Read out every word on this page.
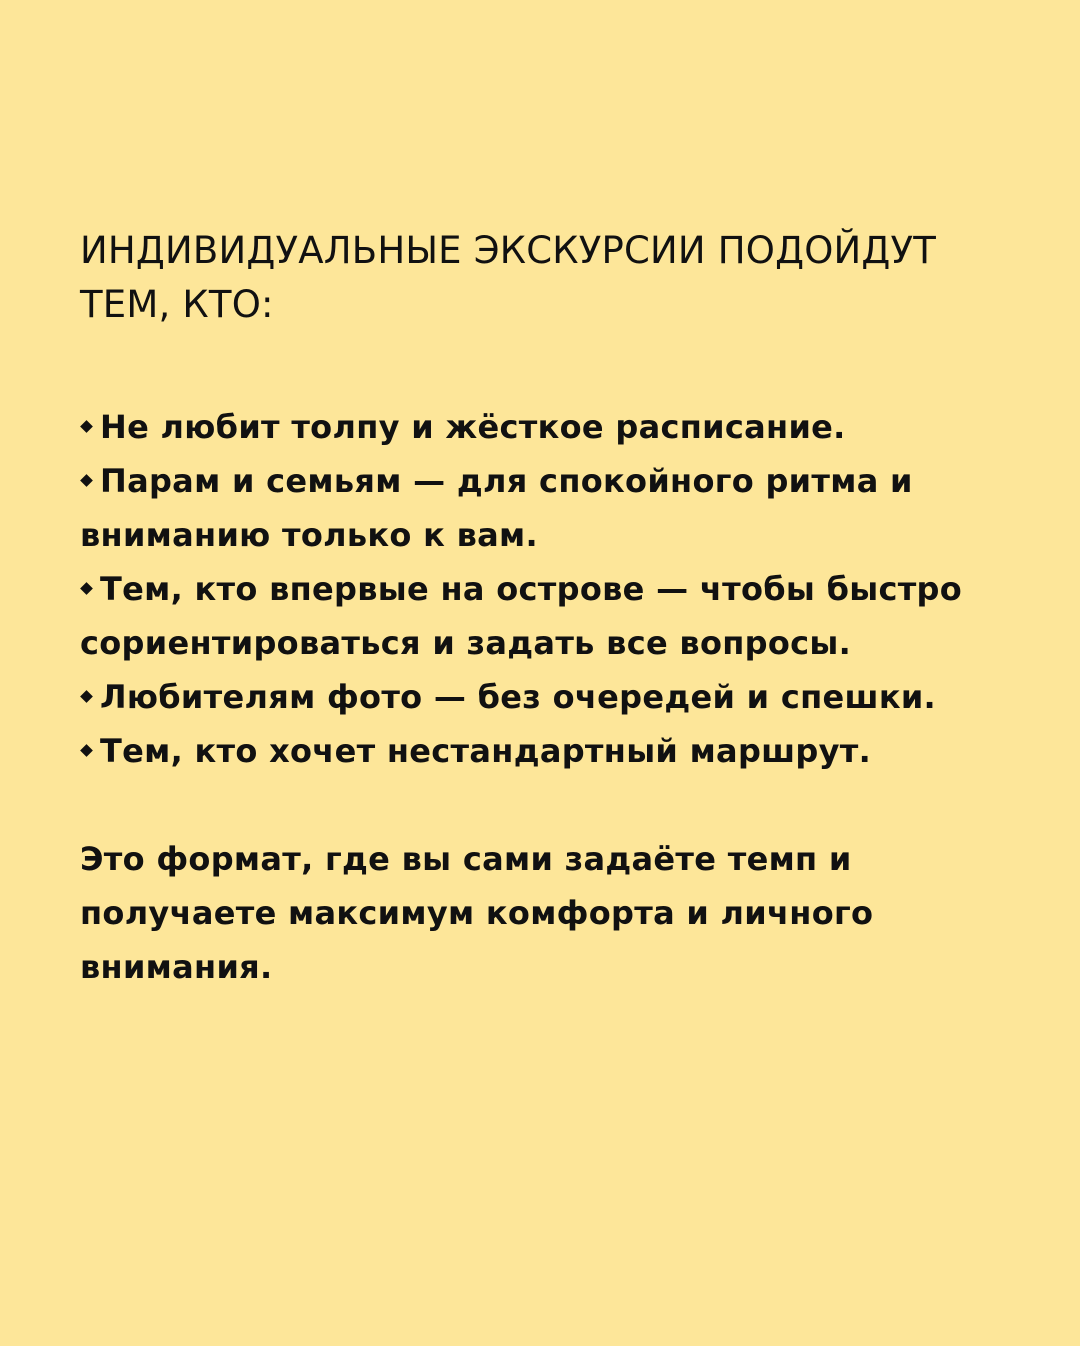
ИНДИВИДУАЛЬНЫЕ ЭКСКУРСИИ ПОДОЙДУТ ТЕМ, КТО:
Не любит толпу и жёсткое расписание.
Парам и семьям — для спокойного ритма и вниманию только к вам.
Тем, кто впервые на острове — чтобы быстро сориентироваться и задать все вопросы.
Любителям фото — без очередей и спешки.
Тем, кто хочет нестандартный маршрут.

Это формат, где вы сами задаёте темп и получаете максимум комфорта и личного внимания.
